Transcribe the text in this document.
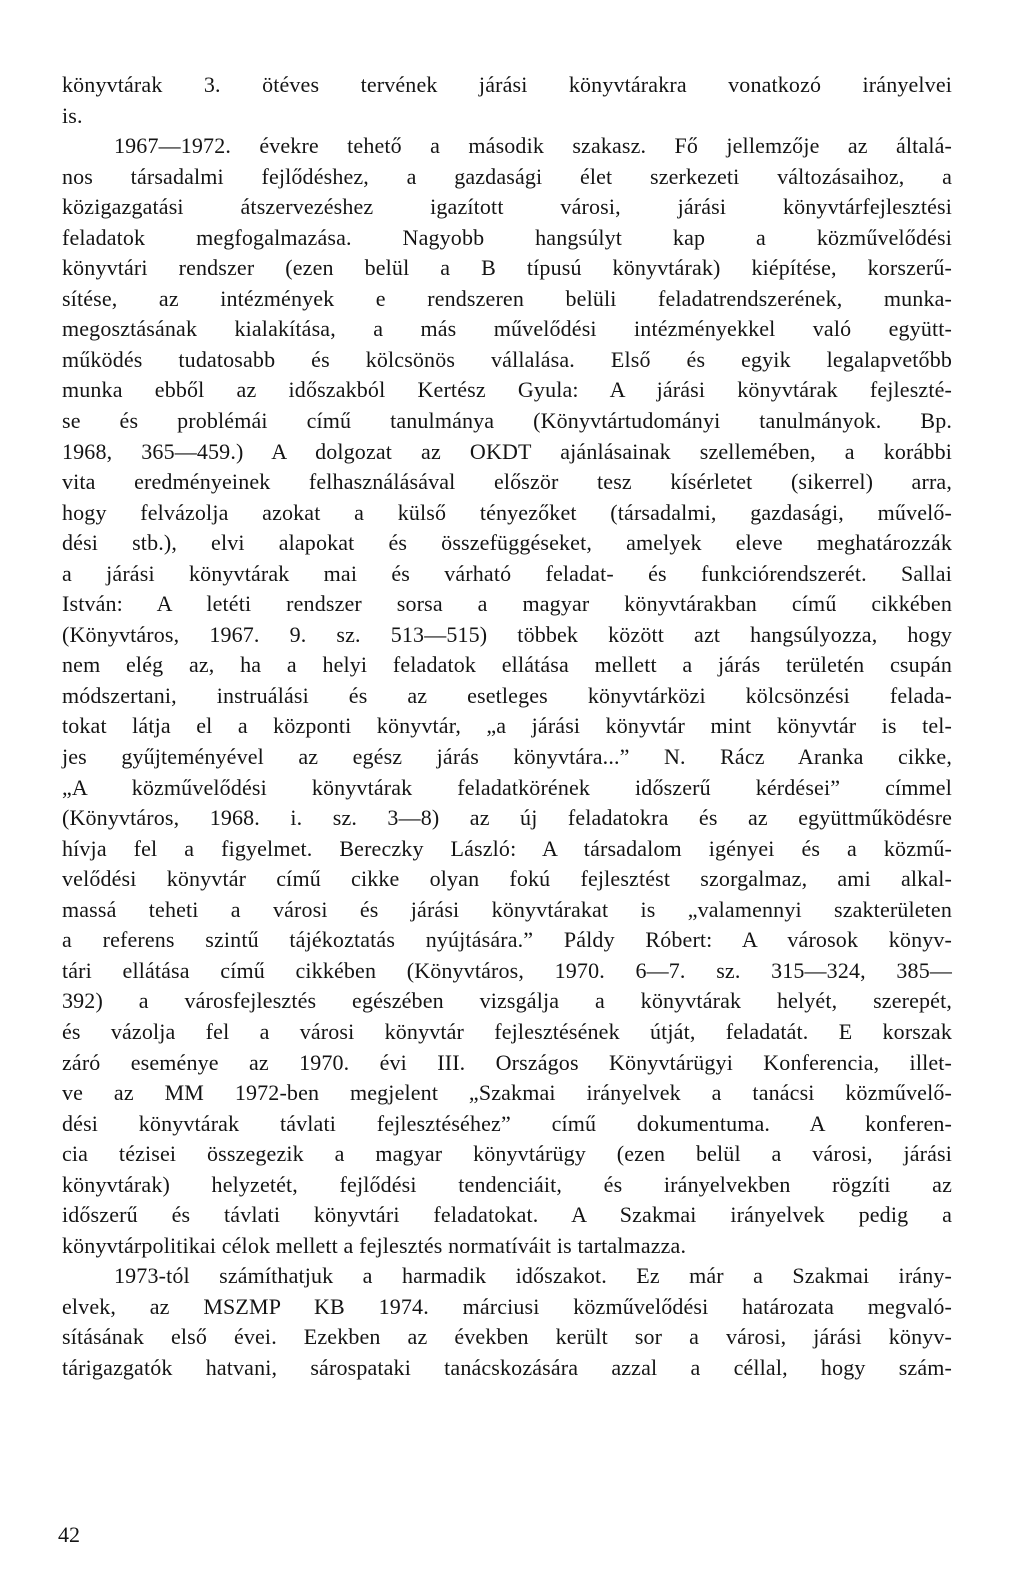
könyvtárak 3. ötéves tervének járási könyvtárakra vonatkozó irányelvei
is.
1967—1972. évekre tehető a második szakasz. Fő jellemzője az általá-
nos társadalmi fejlődéshez, a gazdasági élet szerkezeti változásaihoz, a
közigazgatási átszervezéshez igazított városi, járási könyvtárfejlesztési
feladatok megfogalmazása. Nagyobb hangsúlyt kap a közművelődési
könyvtári rendszer (ezen belül a B típusú könyvtárak) kiépítése, korszerű-
sítése, az intézmények e rendszeren belüli feladatrendszerének, munka-
megosztásának kialakítása, a más művelődési intézményekkel való együtt-
működés tudatosabb és kölcsönös vállalása. Első és egyik legalapvetőbb
munka ebből az időszakból Kertész Gyula: A járási könyvtárak fejleszté-
se és problémái című tanulmánya (Könyvtártudományi tanulmányok. Bp.
1968, 365—459.) A dolgozat az OKDT ajánlásainak szellemében, a korábbi
vita eredményeinek felhasználásával először tesz kísérletet (sikerrel) arra,
hogy felvázolja azokat a külső tényezőket (társadalmi, gazdasági, művelő-
dési stb.), elvi alapokat és összefüggéseket, amelyek eleve meghatározzák
a járási könyvtárak mai és várható feladat- és funkciórendszerét. Sallai
István: A letéti rendszer sorsa a magyar könyvtárakban című cikkében
(Könyvtáros, 1967. 9. sz. 513—515) többek között azt hangsúlyozza, hogy
nem elég az, ha a helyi feladatok ellátása mellett a járás területén csupán
módszertani, instruálási és az esetleges könyvtárközi kölcsönzési felada-
tokat látja el a központi könyvtár, „a járási könyvtár mint könyvtár is tel-
jes gyűjteményével az egész járás könyvtára...” N. Rácz Aranka cikke,
„A közművelődési könyvtárak feladatkörének időszerű kérdései” címmel
(Könyvtáros, 1968. i. sz. 3—8) az új feladatokra és az együttműködésre
hívja fel a figyelmet. Bereczky László: A társadalom igényei és a közmű-
velődési könyvtár című cikke olyan fokú fejlesztést szorgalmaz, ami alkal-
massá teheti a városi és járási könyvtárakat is „valamennyi szakterületen
a referens szintű tájékoztatás nyújtására.” Páldy Róbert: A városok könyv-
tári ellátása című cikkében (Könyvtáros, 1970. 6—7. sz. 315—324, 385—
392) a városfejlesztés egészében vizsgálja a könyvtárak helyét, szerepét,
és vázolja fel a városi könyvtár fejlesztésének útját, feladatát. E korszak
záró eseménye az 1970. évi III. Országos Könyvtárügyi Konferencia, illet-
ve az MM 1972-ben megjelent „Szakmai irányelvek a tanácsi közművelő-
dési könyvtárak távlati fejlesztéséhez” című dokumentuma. A konferen-
cia tézisei összegezik a magyar könyvtárügy (ezen belül a városi, járási
könyvtárak) helyzetét, fejlődési tendenciáit, és irányelvekben rögzíti az
időszerű és távlati könyvtári feladatokat. A Szakmai irányelvek pedig a
könyvtárpolitikai célok mellett a fejlesztés normatíváit is tartalmazza.
1973-tól számíthatjuk a harmadik időszakot. Ez már a Szakmai irány-
elvek, az MSZMP KB 1974. márciusi közművelődési határozata megvaló-
sításának első évei. Ezekben az években került sor a városi, járási könyv-
tárigazgatók hatvani, sárospataki tanácskozására azzal a céllal, hogy szám-
42
